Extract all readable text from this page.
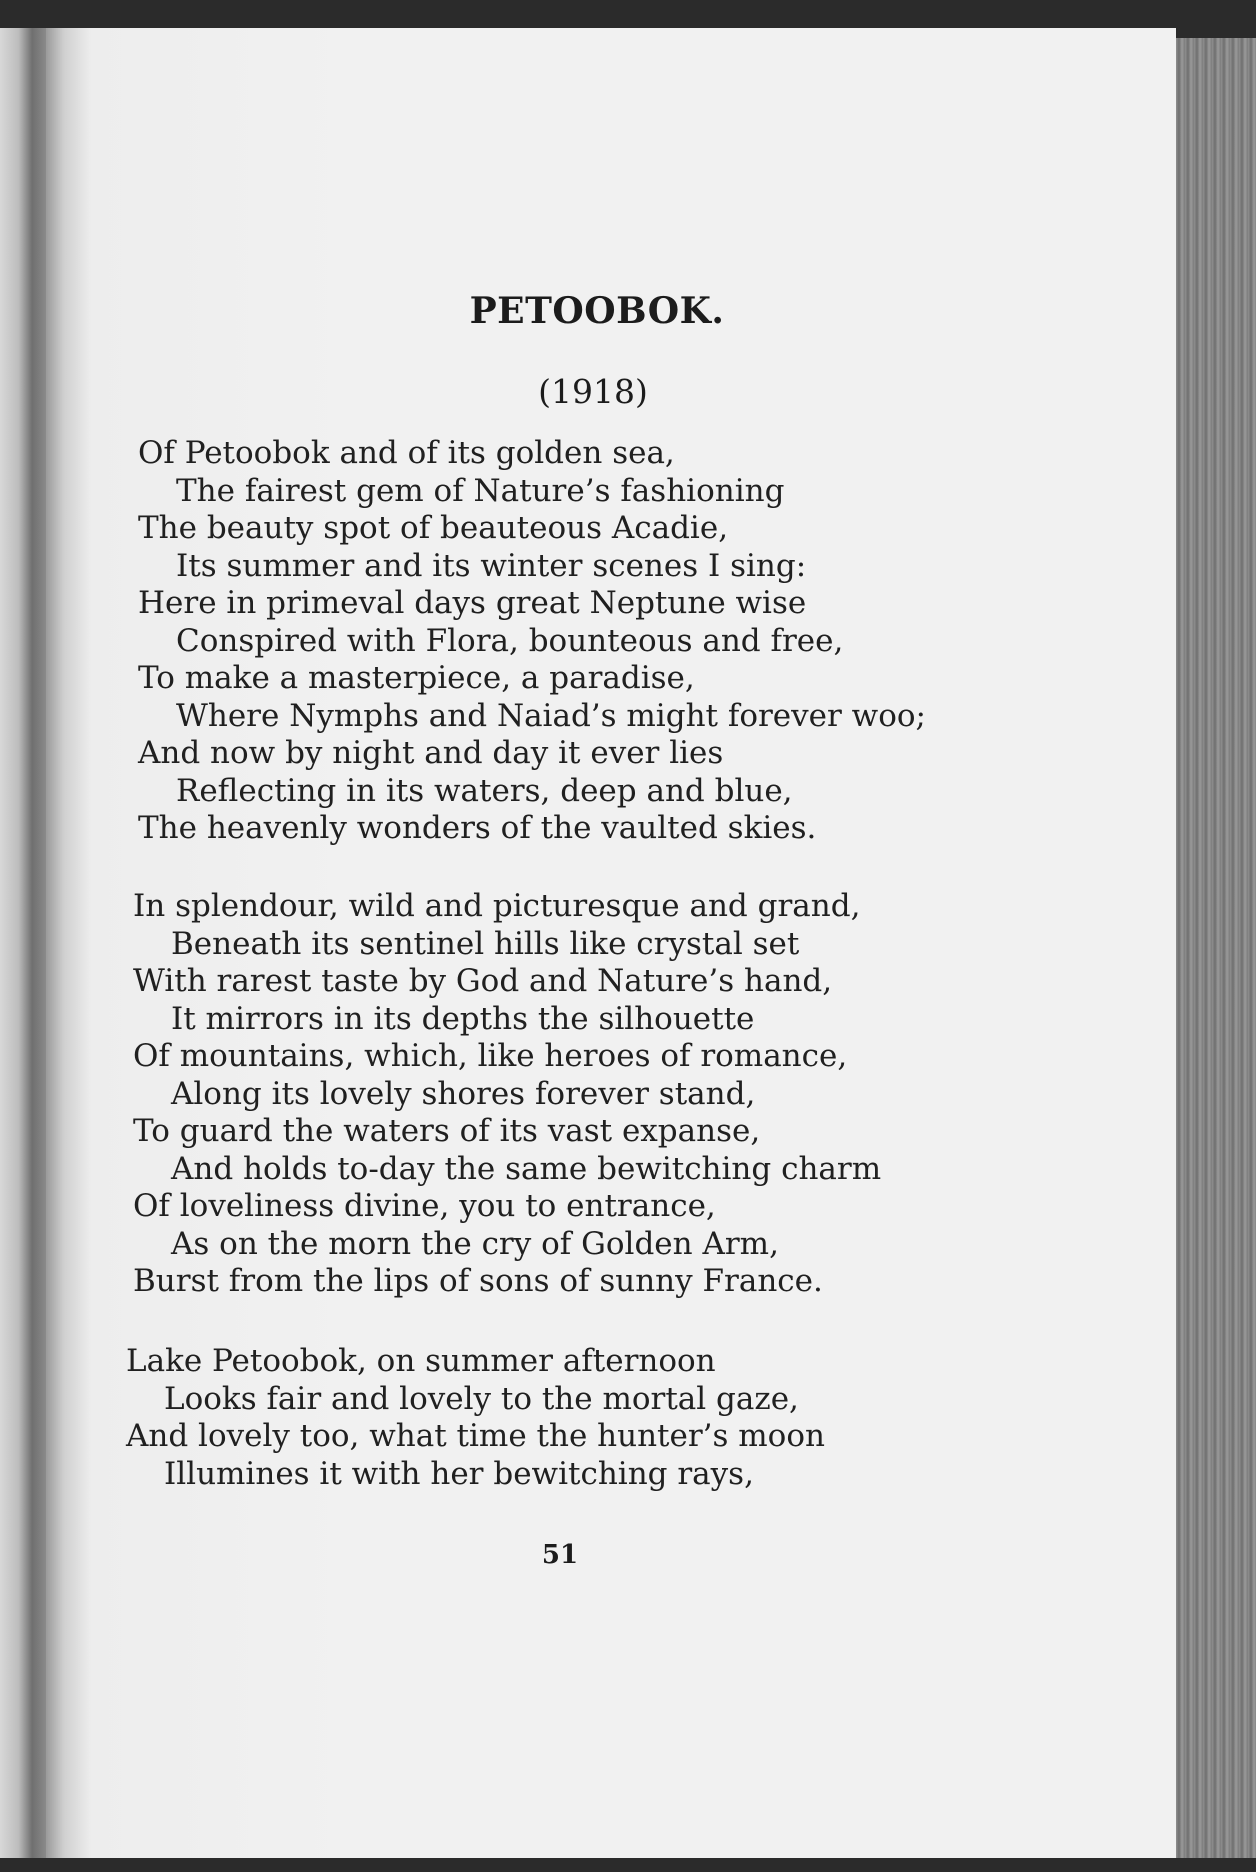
PETOOBOK.
(1918)
Of Petoobok and of its golden sea,
The fairest gem of Nature’s fashioning
The beauty spot of beauteous Acadie,
Its summer and its winter scenes I sing:
Here in primeval days great Neptune wise
Conspired with Flora, bounteous and free,
To make a masterpiece, a paradise,
Where Nymphs and Naiad’s might forever woo;
And now by night and day it ever lies
Reflecting in its waters, deep and blue,
The heavenly wonders of the vaulted skies.
In splendour, wild and picturesque and grand,
Beneath its sentinel hills like crystal set
With rarest taste by God and Nature’s hand,
It mirrors in its depths the silhouette
Of mountains, which, like heroes of romance,
Along its lovely shores forever stand,
To guard the waters of its vast expanse,
And holds to-day the same bewitching charm
Of loveliness divine, you to entrance,
As on the morn the cry of Golden Arm,
Burst from the lips of sons of sunny France.
Lake Petoobok, on summer afternoon
Looks fair and lovely to the mortal gaze,
And lovely too, what time the hunter’s moon
Illumines it with her bewitching rays,
51
